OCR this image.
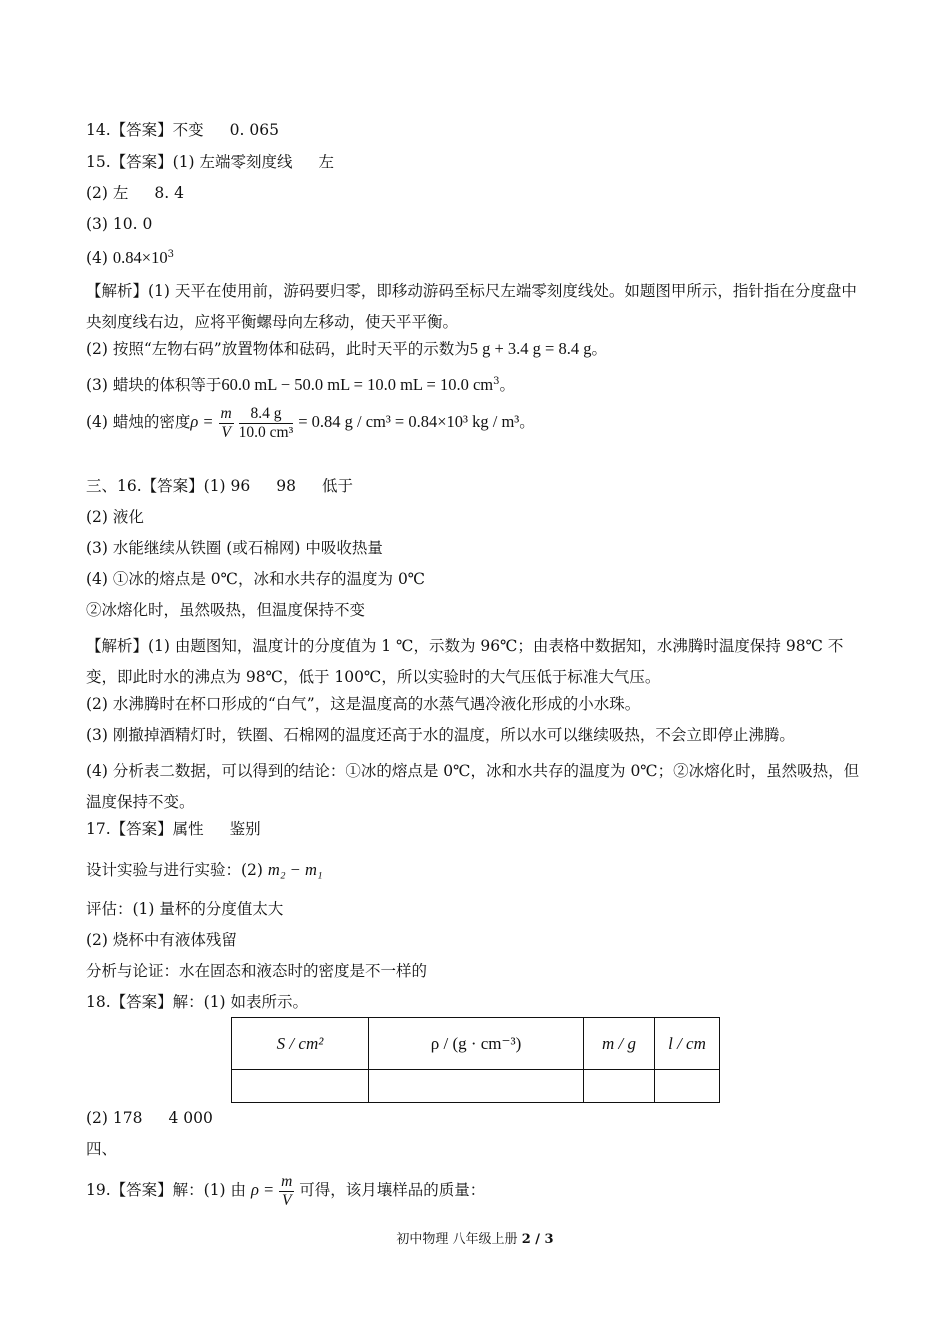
14.【答案】不变 0. 065
15.【答案】(1) 左端零刻度线 左
(2) 左 8. 4
(3) 10. 0
(4) $0.84\times 10^3$
【解析】(1) 天平在使用前，游码要归零，即移动游码至标尺左端零刻度线处。如题图甲所示，指针指在分度盘中央刻度线右边，应将平衡螺母向左移动，使天平平衡。
(2) 按照“左物右码”放置物体和砝码，此时天平的示数为5 g + 3.4 g = 8.4 g。
(3) 蜡块的体积等于60.0 mL − 50.0 mL = 10.0 mL = 10.0 $cm^3$。
(4) 蜡烛的密度$\rho = \frac{m}{V}$
$\frac{8.4 g}{\text{10.0 cm³}} = 0.84$ g / cm³ = 0.84×10³ kg / m³。
三、16.【答案】(1) 96 98 低于
(2) 液化
(3) 水能继续从铁圈 (或石棉网) 中吸收热量
(4) ①冰的熔点是 0℃，冰和水共存的温度为 0℃
②冰熔化时，虽然吸热，但温度保持不变
【解析】(1) 由题图知，温度计的分度值为 1 ℃，示数为 96℃；由表格中数据知，水沸腾时温度保持 98℃ 不变，即此时水的沸点为 98℃，低于 100℃，所以实验时的大气压低于标准大气压。
(2) 水沸腾时在杯口形成的“白气”，这是温度高的水蒸气遇冷液化形成的小水珠。
(3) 刚撤掉酒精灯时，铁圈、石棉网的温度还高于水的温度，所以水可以继续吸热，不会立即停止沸腾。
(4) 分析表二数据，可以得到的结论：①冰的熔点是 0℃，冰和水共存的温度为 0℃；②冰熔化时，虽然吸热，但温度保持不变。
17.【答案】属性 鉴别
设计实验与进行实验：(2) m₂ − m₁
评估：(1) 量杯的分度值太大
(2) 烧杯中有液体残留
分析与论证：水在固态和液态时的密度是不一样的
18.【答案】解：(1) 如表所示。
S / cm²	ρ / (g · cm⁻³)	m / g	l / cm

(2) 178 4 000
四、
19.【答案】解：(1) 由 $\rho = \frac{m}{V}$ 可得，该月壤样品的质量：
初中物理 八年级上册 2 / 3
